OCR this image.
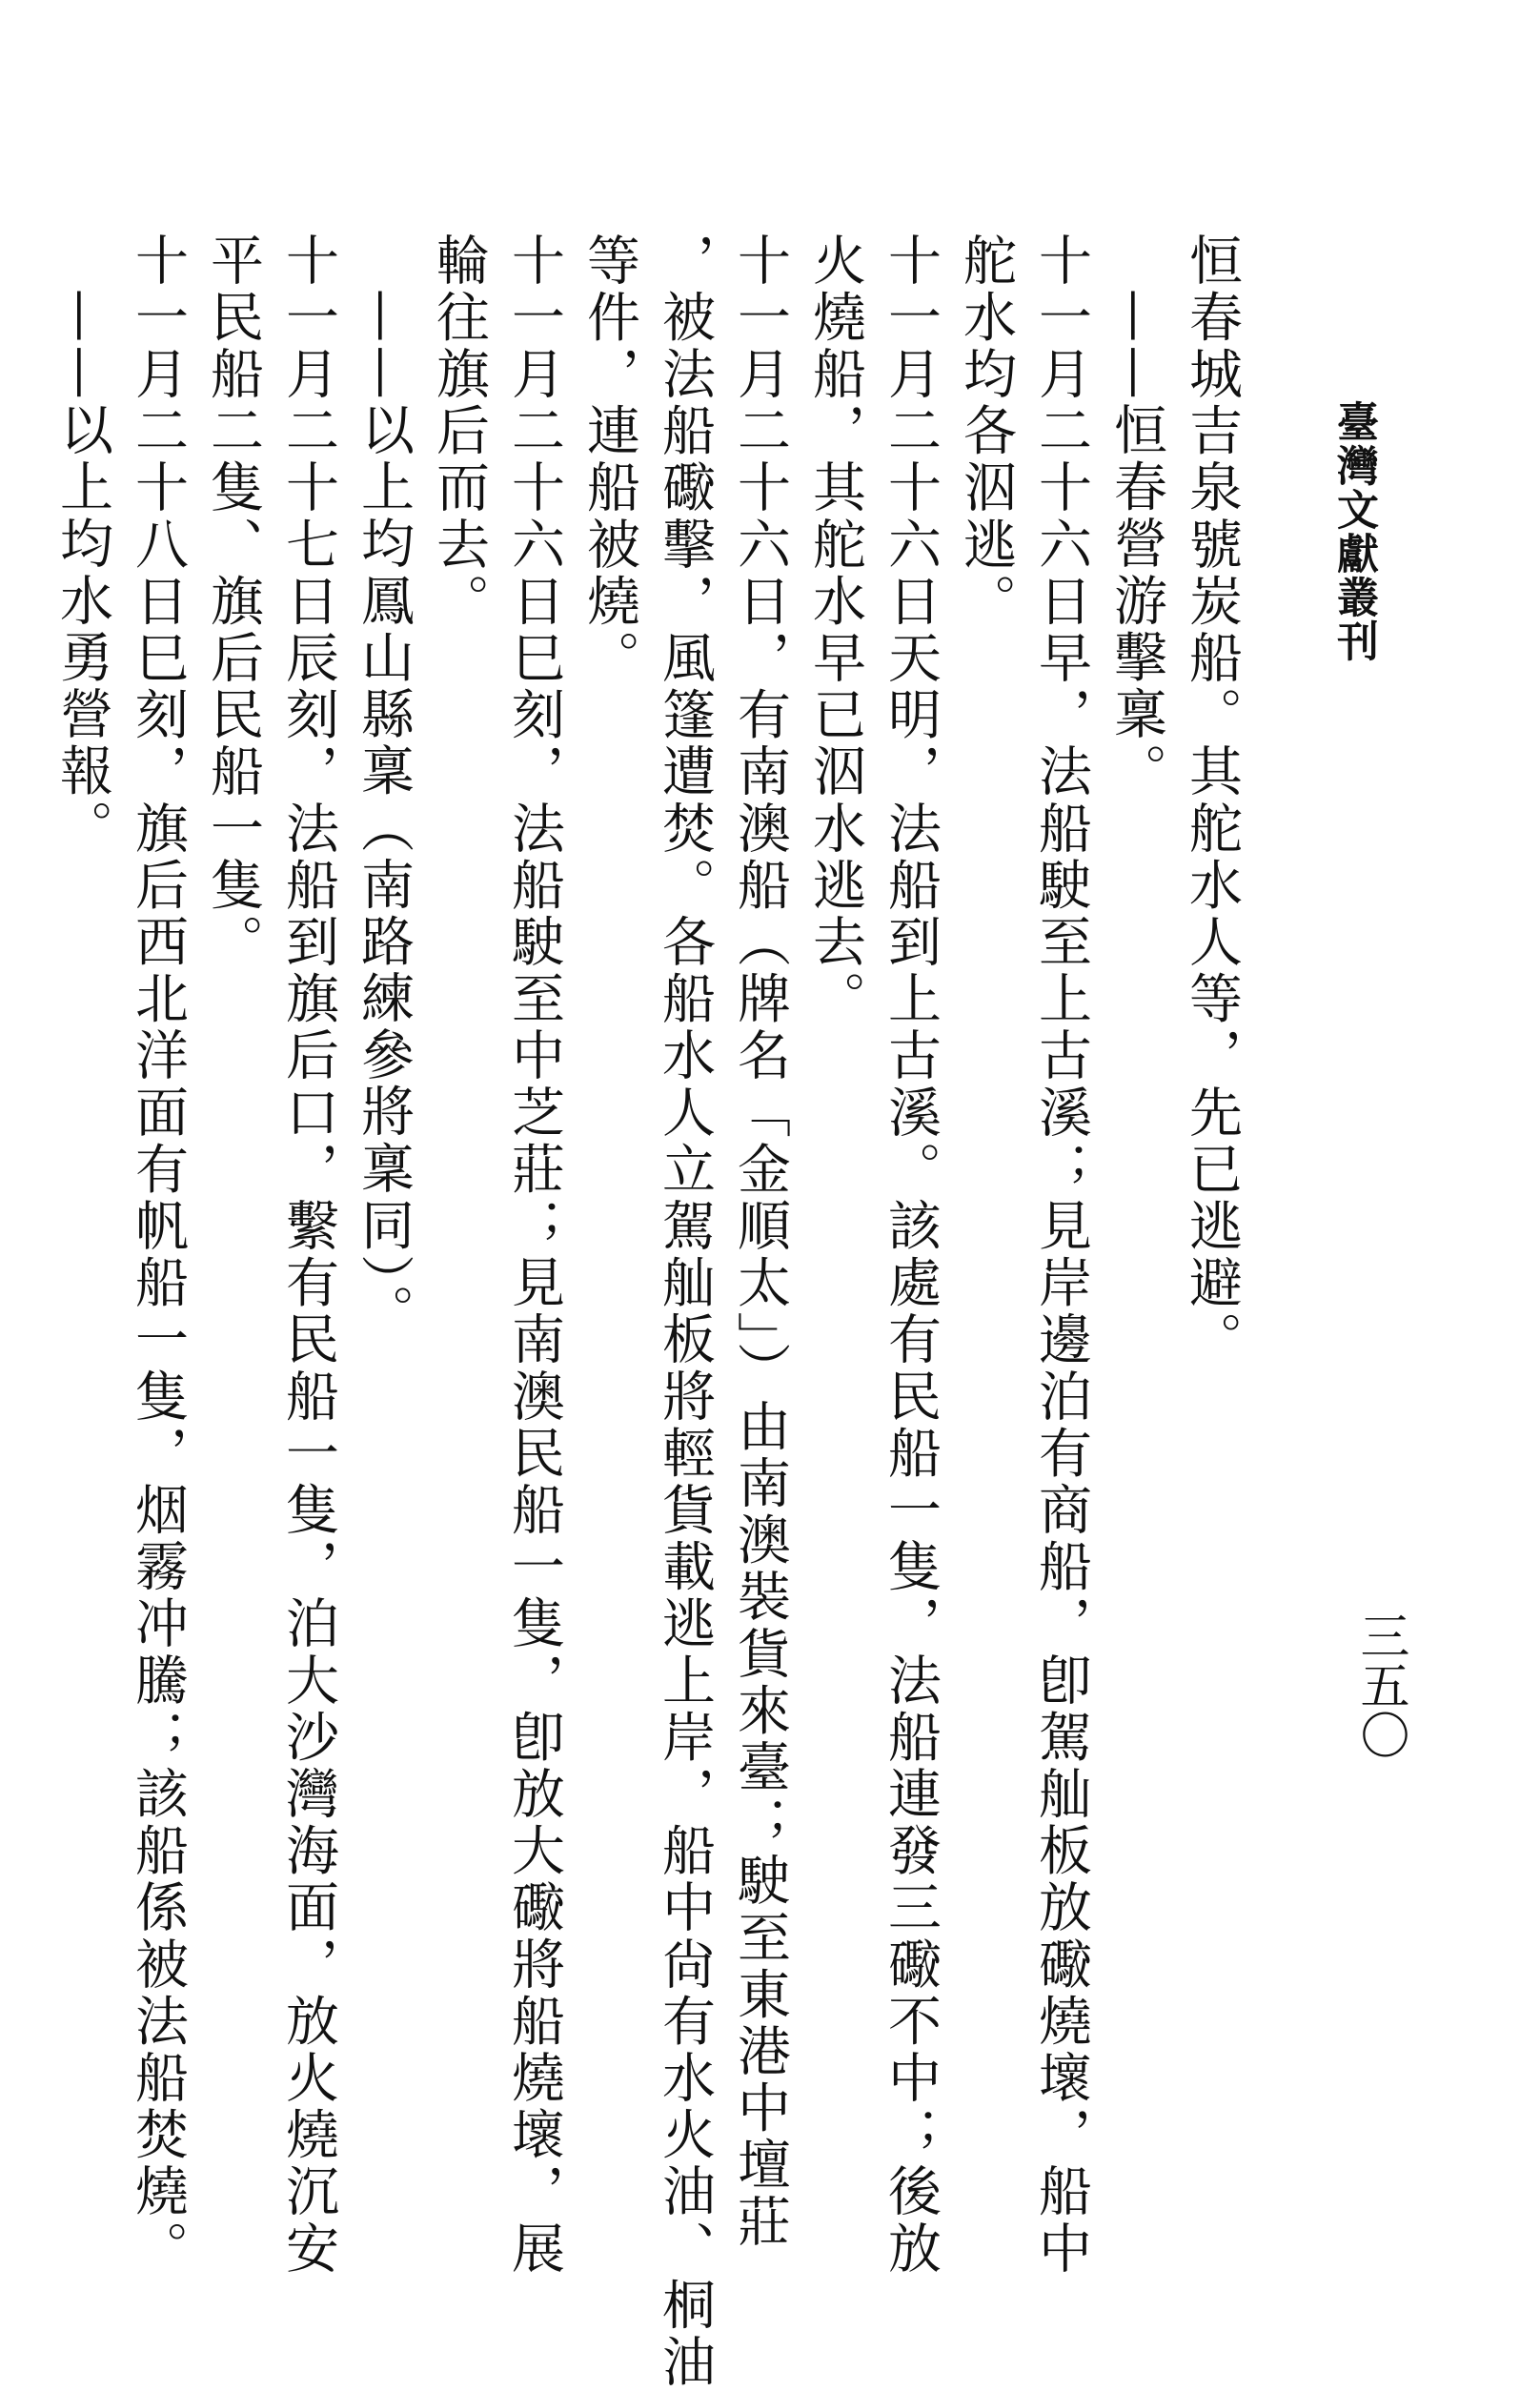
臺灣文獻叢刊
三五〇
恒春城吉泉號炭船。其舵水人等，先已逃避。
——恒春營游擊稟。
十一月二十六日早，法船駛至上古溪；見岸邊泊有商船，卽駕舢板放礮燒壞，船中
舵水均各泅逃。
十一月二十六日天明，法船到上古溪。該處有民船一隻，法船連發三礮不中；後放
火燒船，其舵水早已泅水逃去。
十一月二十六日，有南澳船（牌名「金順太」）由南澳裝貨來臺；駛至東港中壇莊
，被法船礮擊，風篷遭焚。各船水人立駕舢板將輕貨載逃上岸，船中尙有水火油、桐油
等件，連船被燒。
十一月二十六日巳刻，法船駛至中芝莊；見南澳民船一隻，卽放大礮將船燒壞，展
輪往旗后而去。
——以上均鳳山縣稟（南路練參將稟同）。
十一月二十七日辰刻，法船到旗后口，繫有民船一隻，泊大沙灣海面，放火燒沉安
平民船二隻、旗后民船一隻。
十一月二十八日巳刻，旗后西北洋面有帆船一隻，烟霧冲騰；該船係被法船焚燒。
——以上均水勇營報。
